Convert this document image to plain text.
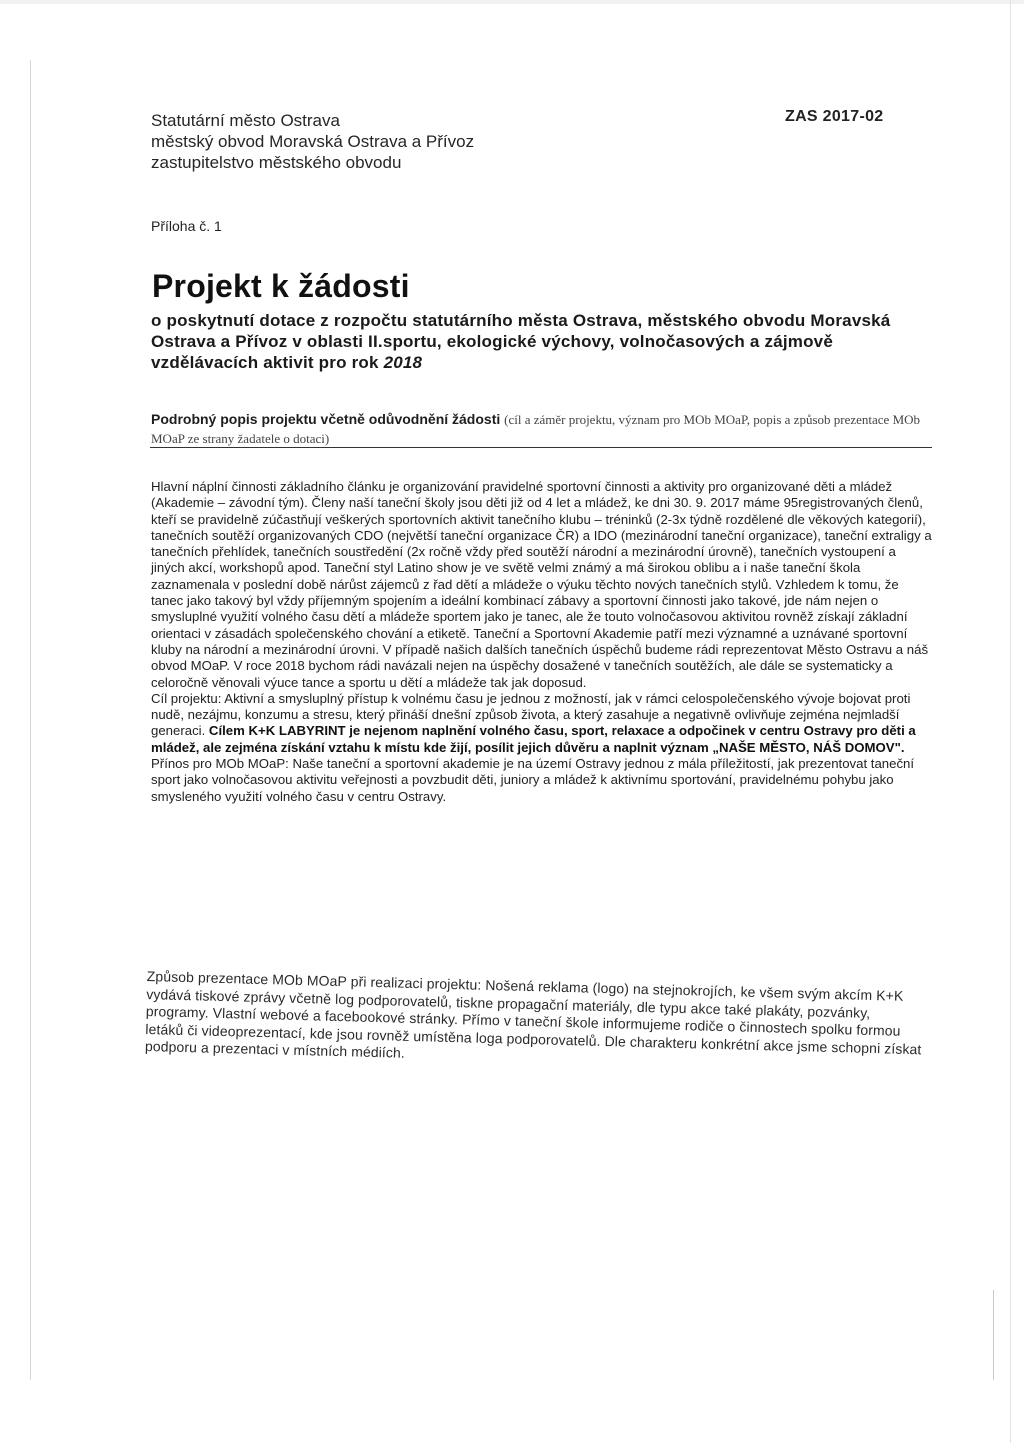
Statutární město Ostrava
městský obvod Moravská Ostrava a Přívoz
zastupitelstvo městského obvodu
ZAS 2017-02
Příloha č. 1
Projekt k žádosti
o poskytnutí dotace z rozpočtu statutárního města Ostrava, městského obvodu Moravská Ostrava a Přívoz v oblasti II.sportu, ekologické výchovy, volnočasových a zájmově vzdělávacích aktivit pro rok 2018
Podrobný popis projektu včetně odůvodnění žádosti (cíl a záměr projektu, význam pro MOb MOaP, popis a způsob prezentace MOb MOaP ze strany žadatele o dotaci)

Hlavní náplní činnosti základního článku je organizování pravidelné sportovní činnosti a aktivity pro organizované děti a mládež (Akademie – závodní tým). Členy naší taneční školy jsou děti již od 4 let a mládež, ke dni 30. 9. 2017 máme 95registrovaných členů, kteří se pravidelně zúčastňují veškerých sportovních aktivit tanečního klubu – tréninků (2-3x týdně rozdělené dle věkových kategorií), tanečních soutěží organizovaných CDO (největší taneční organizace ČR) a IDO (mezinárodní taneční organizace), taneční extraligy a tanečních přehlídek, tanečních soustředění (2x ročně vždy před soutěží národní a mezinárodní úrovně), tanečních vystoupení a jiných akcí, workshopů apod. Taneční styl Latino show je ve světě velmi známý a má širokou oblibu a i naše taneční škola zaznamenala v poslední době nárůst zájemců z řad dětí a mládeže o výuku těchto nových tanečních stylů. Vzhledem k tomu, že tanec jako takový byl vždy příjemným spojením a ideální kombinací zábavy a sportovní činnosti jako takové, jde nám nejen o smysluplné využití volného času dětí a mládeže sportem jako je tanec, ale že touto volnočasovou aktivitou rovněž získají základní orientaci v zásadách společenského chování a etiketě. Taneční a Sportovní Akademie patří mezi významné a uznávané sportovní kluby na národní a mezinárodní úrovni. V případě našich dalších tanečních úspěchů budeme rádi reprezentovat Město Ostravu a náš obvod MOaP. V roce 2018 bychom rádi navázali nejen na úspěchy dosažené v tanečních soutěžích, ale dále se systematicky a celoročně věnovali výuce tance a sportu u dětí a mládeže tak jak doposud.

Cíl projektu: Aktivní a smysluplný přístup k volnému času je jednou z možností, jak v rámci celospolečenského vývoje bojovat proti nudě, nezájmu, konzumu a stresu, který přináší dnešní způsob života, a který zasahuje a negativně ovlivňuje zejména nejmladší generaci. Cílem K+K LABYRINT je nejenom naplnění volného času, sport, relaxace a odpočinek v centru Ostravy pro děti a mládež, ale zejména získání vztahu k místu kde žijí, posílit jejich důvěru a naplnit význam „NAŠE MĚSTO, NÁŠ DOMOV".

Přínos pro MOb MOaP: Naše taneční a sportovní akademie je na území Ostravy jednou z mála příležitostí, jak prezentovat taneční sport jako volnočasovou aktivitu veřejnosti a povzbudit děti, juniory a mládež k aktivnímu sportování, pravidelnému pohybu jako smysleného využití volného času v centru Ostravy.

Způsob prezentace MOb MOaP při realizaci projektu: Nošená reklama (logo) na stejnokrojích, ke všem svým akcím K+K vydává tiskové zprávy včetně log podporovatelů, tiskne propagační materiály, dle typu akce také plakáty, pozvánky, programy. Vlastní webové a facebookové stránky. Přímo v taneční škole informujeme rodiče o činnostech spolku formou letáků či videoprezentací, kde jsou rovněž umístěna loga podporovatelů. Dle charakteru konkrétní akce jsme schopni získat podporu a prezentaci v místních médiích.
